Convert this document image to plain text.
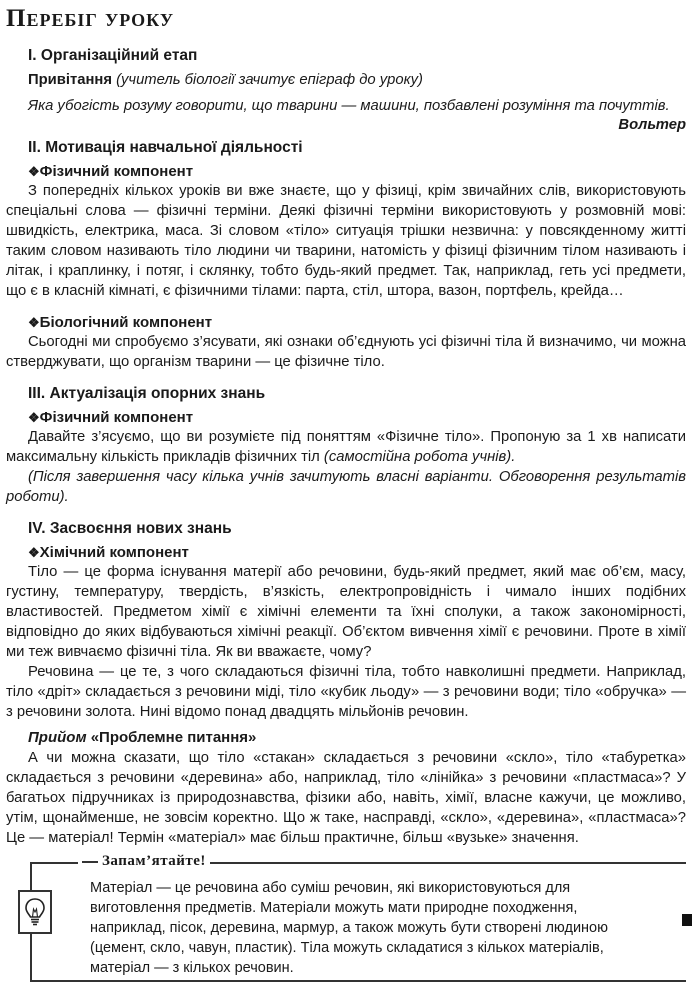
Перебіг уроку
I. Організаційний етап

Привітання (учитель біології зачитує епіграф до уроку)

Яка убогість розуму говорити, що тварини — машини, позбавлені розуміння та почуттів.

Вольтер
II. Мотивація навчальної діяльності
❖Фізичний компонент

З попередніх кількох уроків ви вже знаєте, що у фізиці, крім звичайних слів, використовують спеціальні слова — фізичні терміни. Деякі фізичні терміни використовують у розмовній мові: швидкість, електрика, маса. Зі словом «тіло» ситуація трішки незвична: у повсякденному житті таким словом називають тіло людини чи тварини, натомість у фізиці фізичним тілом називають і літак, і краплинку, і потяг, і склянку, тобто будь-який предмет. Так, наприклад, геть усі предмети, що є в класній кімнаті, є фізичними тілами: парта, стіл, штора, вазон, портфель, крейда…

❖Біологічний компонент

Сьогодні ми спробуємо з’ясувати, які ознаки об’єднують усі фізичні тіла й визначимо, чи можна стверджувати, що організм тварини — це фізичне тіло.

III. Актуалізація опорних знань
❖Фізичний компонент

Давайте з’ясуємо, що ви розумієте під поняттям «Фізичне тіло». Пропоную за 1 хв написати максимальну кількість прикладів фізичних тіл (самостійна робота учнів).

(Після завершення часу кілька учнів зачитують власні варіанти. Обговорення результатів роботи).

IV. Засвоєння нових знань
❖Хімічний компонент

Тіло — це форма існування матерії або речовини, будь-який предмет, який має об’єм, масу, густину, температуру, твердість, в’язкість, електропровідність і чимало інших подібних властивостей. Предметом хімії є хімічні елементи та їхні сполуки, а також закономірності, відповідно до яких відбуваються хімічні реакції. Об’єктом вивчення хімії є речовини. Проте в хімії ми теж вивчаємо фізичні тіла. Як ви вважаєте, чому?

Речовина — це те, з чого складаються фізичні тіла, тобто навколишні предмети. Наприклад, тіло «дріт» складається з речовини міді, тіло «кубик льоду» — з речовини води; тіло «обручка» — з речовини золота. Нині відомо понад двадцять мільйонів речовин.

Прийом «Проблемне питання»

А чи можна сказати, що тіло «стакан» складається з речовини «скло», тіло «табуретка» складається з речовини «деревина» або, наприклад, тіло «лінійка» з речовини «пластмаса»? У багатьох підручниках із природознавства, фізики або, навіть, хімії, власне кажучи, це можливо, утім, щонайменше, не зовсім коректно. Що ж таке, насправді, «скло», «деревина», «пластмаса»? Це — матеріал! Термін «матеріал» має більш практичне, більш «вузьке» значення.

Запам’ятайте!
Матеріал — це речовина або суміш речовин, які використовуються для виготовлення предметів. Матеріали можуть мати природне походження, наприклад, пісок, деревина, мармур, а також можуть бути створені людиною (цемент, скло, чавун, пластик). Тіла можуть складатися з кількох матеріалів, матеріал — з кількох речовин.
